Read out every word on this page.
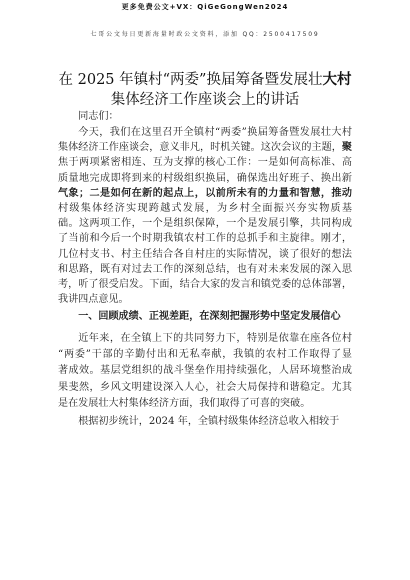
更多免费公文+VX：QiGeGongWen2024
七哥公文每日更新海量时政公文资料，添加 QQ：2500417509
在 2025 年镇村“两委”换届筹备暨发展壮大村
集体经济工作座谈会上的讲话
同志们：
今天，我们在这里召开全镇村“两委”换届筹备暨发展壮大村
集体经济工作座谈会，意义非凡，时机关键。这次会议的主题，聚
焦于两项紧密相连、互为支撑的核心工作：一是如何高标准、高
质量地完成即将到来的村级组织换届，确保选出好班子、换出新
气象；二是如何在新的起点上，以前所未有的力量和智慧，推动
村级集体经济实现跨越式发展，为乡村全面振兴夯实物质基
础。这两项工作，一个是组织保障，一个是发展引擎，共同构成
了当前和今后一个时期我镇农村工作的总抓手和主旋律。刚才，
几位村支书、村主任结合各自村庄的实际情况，谈了很好的想法
和思路，既有对过去工作的深刻总结，也有对未来发展的深入思
考，听了很受启发。下面，结合大家的发言和镇党委的总体部署，
我讲四点意见。
一、回顾成绩、正视差距，在深刻把握形势中坚定发展信心
近年来，在全镇上下的共同努力下，特别是依靠在座各位村
“两委”干部的辛勤付出和无私奉献，我镇的农村工作取得了显
著成效。基层党组织的战斗堡垒作用持续强化，人居环境整治成
果斐然，乡风文明建设深入人心，社会大局保持和谐稳定。尤其
是在发展壮大村集体经济方面，我们取得了可喜的突破。
根据初步统计，2024 年，全镇村级集体经济总收入相较于
